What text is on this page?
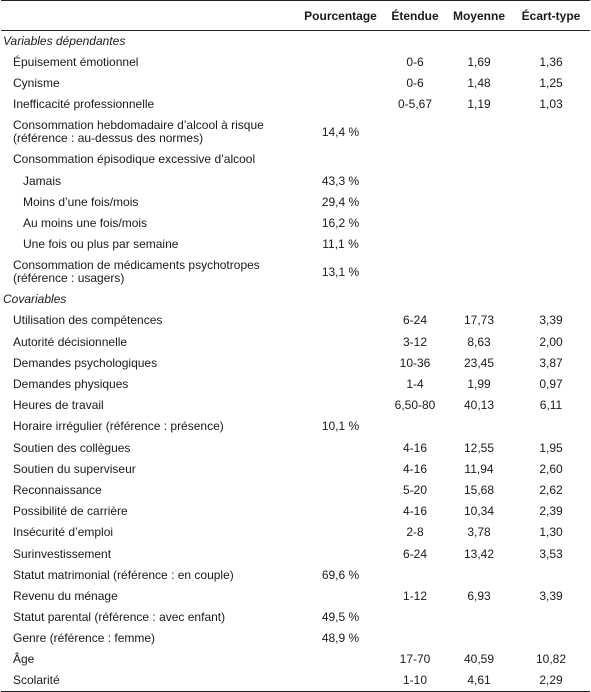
	Pourcentage	Étendue	Moyenne	Écart-type
Variables dépendantes				
Épuisement émotionnel		0-6	1,69	1,36
Cynisme		0-6	1,48	1,25
Inefficacité professionnelle		0-5,67	1,19	1,03
Consommation hebdomadaire d’alcool à risque
(référence : au-dessus des normes)	14,4 %			
Consommation épisodique excessive d’alcool				
Jamais	43,3 %			
Moins d’une fois/mois	29,4 %			
Au moins une fois/mois	16,2 %			
Une fois ou plus par semaine	11,1 %			
Consommation de médicaments psychotropes
(référence : usagers)	13,1 %			
Covariables				
Utilisation des compétences		6-24	17,73	3,39
Autorité décisionnelle		3-12	8,63	2,00
Demandes psychologiques		10-36	23,45	3,87
Demandes physiques		1-4	1,99	0,97
Heures de travail		6,50-80	40,13	6,11
Horaire irrégulier (référence : présence)	10,1 %			
Soutien des collègues		4-16	12,55	1,95
Soutien du superviseur		4-16	11,94	2,60
Reconnaissance		5-20	15,68	2,62
Possibilité de carrière		4-16	10,34	2,39
Insécurité d’emploi		2-8	3,78	1,30
Surinvestissement		6-24	13,42	3,53
Statut matrimonial (référence : en couple)	69,6 %			
Revenu du ménage		1-12	6,93	3,39
Statut parental (référence : avec enfant)	49,5 %			
Genre (référence : femme)	48,9 %			
Âge		17-70	40,59	10,82
Scolarité		1-10	4,61	2,29
